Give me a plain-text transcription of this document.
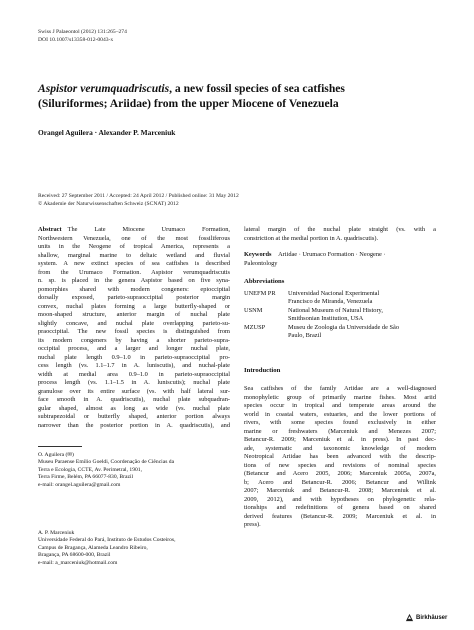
Swiss J Palaeontol (2012) 131:265–274
DOI 10.1007/s13358-012-0043-x
Aspistor verumquadriscutis, a new fossil species of sea catfishes
(Siluriformes; Ariidae) from the upper Miocene of Venezuela
Orangel Aguilera · Alexander P. Marceniuk
Received: 27 September 2011 / Accepted: 24 April 2012 / Published online: 31 May 2012
© Akademie der Naturwissenschaften Schweiz (SCNAT) 2012
Abstract The Late Miocene Urumaco Formation,
Northwestern Venezuela, one of the most fossiliferous
units in the Neogene of tropical America, represents a
shallow, marginal marine to deltaic wetland and fluvial
system. A new extinct species of sea catfishes is described
from the Urumaco Formation. Aspistor verumquadriscutis
n. sp. is placed in the genera Aspistor based on five syna-
pomorphies shared with modern congeners: epioccipital
dorsally exposed, parieto-supraoccipital posterior margin
convex, nuchal plates forming a large butterfly-shaped or
moon-shaped structure, anterior margin of nuchal plate
slightly concave, and nuchal plate overlapping parieto-su-
praoccipital. The new fossil species is distinguished from
its modern congeners by having a shorter parieto-supra-
occipital process, and a larger and longer nuchal plate,
nuchal plate length 0.9–1.0 in parieto-supraoccipital pro-
cess length (vs. 1.1–1.7 in A. luniscutis), and nuchal-plate
width at medial area 0.9–1.0 in parieto-supraoccipital
process length (vs. 1.1–1.5 in A. luniscutis); nuchal plate
granulose over its entire surface (vs. with half lateral sur-
face smooth in A. quadriscutis), nuchal plate subquadran-
gular shaped, almost as long as wide (vs. nuchal plate
subtrapezoidal or butterfly shaped, anterior portion always
narrower than the posterior portion in A. quadriscutis), and

O. Aguilera (✉)

Museu Paraense Emílio Goeldi, Coordenação de Ciências da

Terra e Ecologia, CCTE, Av. Perimetral, 1901,

Terra Firme, Belém, PA 66077-830, Brazil

e-mail: orangel.aguilera@gmail.com

A. P. Marceniuk

Universidade Federal do Pará, Instituto de Estudos Costeiros,

Campus de Bragança, Alameda Leandro Ribeiro,

Bragança, PA 68600-000, Brazil

e-mail: a_marceniuk@hotmail.com

lateral margin of the nuchal plate straight (vs. with a
constriction at the medial portion in A. quadriscutis).
Keywords Ariidae · Urumaco Formation · Neogene ·
Paleontology

Abbreviations

UNEFM PR	Universidad Nacional Experimental
Francisco de Miranda, Venezuela
USNM	National Museum of Natural History,
Smithsonian Institution, USA
MZUSP	Museu de Zoologia da Universidade de São
Paulo, Brazil

Introduction

Sea catfishes of the family Ariidae are a well-diagnosed
monophyletic group of primarily marine fishes. Most ariid
species occur in tropical and temperate areas around the
world in coastal waters, estuaries, and the lower portions of
rivers, with some species found exclusively in either
marine or freshwaters (Marceniuk and Menezes 2007;
Betancur-R. 2009; Marceniuk et al. in press). In past dec-
ade, systematic and taxonomic knowledge of modern
Neotropical Ariidae has been advanced with the descrip-
tions of new species and revisions of nominal species
(Betancur and Acero 2005, 2006; Marceniuk 2005a, 2007a,
b; Acero and Betancur-R. 2006; Betancur and Willink
2007; Marceniuk and Betancur-R. 2008; Marceniuk et al.
2009, 2012), and with hypotheses on phylogenetic rela-
tionships and redefinitions of genera based on shared
derived features (Betancur-R. 2009; Marceniuk et al. in
press).
Birkhäuser
